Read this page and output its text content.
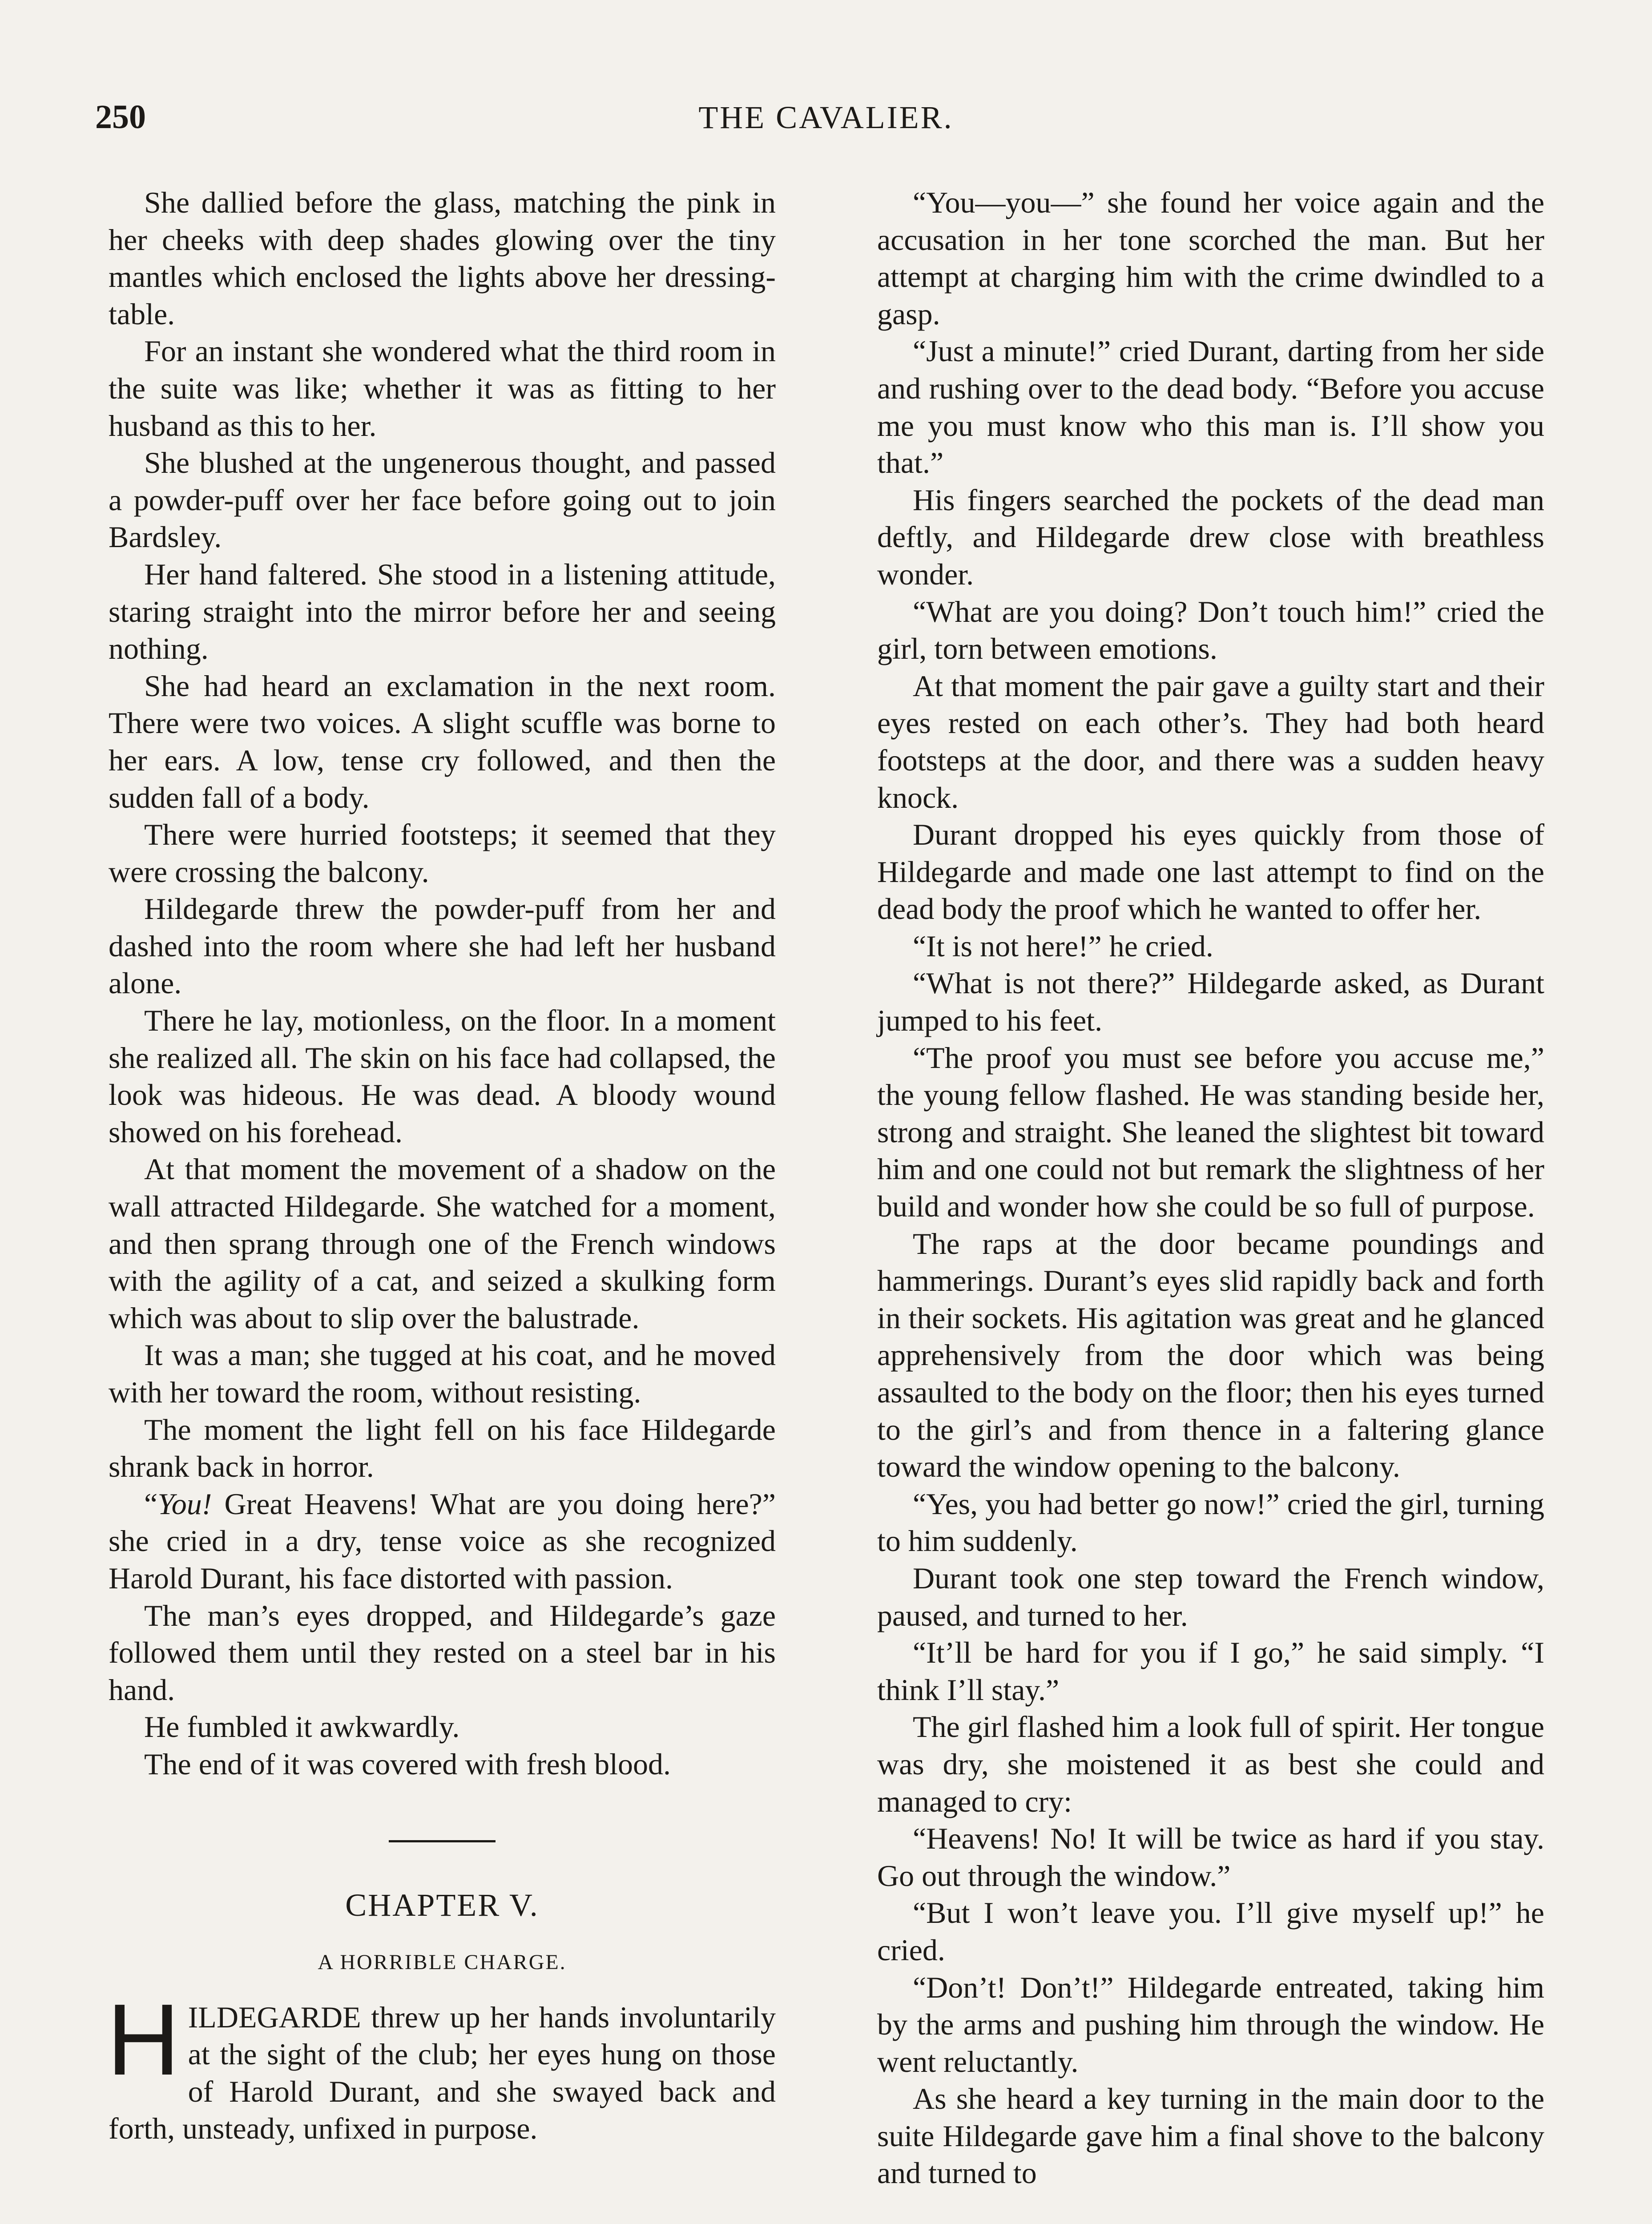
250	THE CAVALIER.

She dallied before the glass, matching the pink in her cheeks with deep shades glowing over the tiny mantles which enclosed the lights above her dressing-table.

For an instant she wondered what the third room in the suite was like; whether it was as fitting to her husband as this to her.

She blushed at the ungenerous thought, and passed a powder-puff over her face before going out to join Bardsley.

Her hand faltered. She stood in a listening attitude, staring straight into the mirror before her and seeing nothing.

She had heard an exclamation in the next room. There were two voices. A slight scuffle was borne to her ears. A low, tense cry followed, and then the sudden fall of a body.

There were hurried footsteps; it seemed that they were crossing the balcony.

Hildegarde threw the powder-puff from her and dashed into the room where she had left her husband alone.

There he lay, motionless, on the floor. In a moment she realized all. The skin on his face had collapsed, the look was hideous. He was dead. A bloody wound showed on his forehead.

At that moment the movement of a shadow on the wall attracted Hildegarde. She watched for a moment, and then sprang through one of the French windows with the agility of a cat, and seized a skulking form which was about to slip over the balustrade.

It was a man; she tugged at his coat, and he moved with her toward the room, without resisting.

The moment the light fell on his face Hildegarde shrank back in horror.

“You! Great Heavens! What are you doing here?” she cried in a dry, tense voice as she recognized Harold Durant, his face distorted with passion.

The man’s eyes dropped, and Hildegarde’s gaze followed them until they rested on a steel bar in his hand.

He fumbled it awkwardly.

The end of it was covered with fresh blood.

CHAPTER V.

A HORRIBLE CHARGE.

HILDEGARDE threw up her hands involuntarily at the sight of the club; her eyes hung on those of Harold Durant, and she swayed back and forth, unsteady, unfixed in purpose.

“You—you—” she found her voice again and the accusation in her tone scorched the man. But her attempt at charging him with the crime dwindled to a gasp.

“Just a minute!” cried Durant, darting from her side and rushing over to the dead body. “Before you accuse me you must know who this man is. I’ll show you that.”

His fingers searched the pockets of the dead man deftly, and Hildegarde drew close with breathless wonder.

“What are you doing? Don’t touch him!” cried the girl, torn between emotions.

At that moment the pair gave a guilty start and their eyes rested on each other’s. They had both heard footsteps at the door, and there was a sudden heavy knock.

Durant dropped his eyes quickly from those of Hildegarde and made one last attempt to find on the dead body the proof which he wanted to offer her.

“It is not here!” he cried.

“What is not there?” Hildegarde asked, as Durant jumped to his feet.

“The proof you must see before you accuse me,” the young fellow flashed. He was standing beside her, strong and straight. She leaned the slightest bit toward him and one could not but remark the slightness of her build and wonder how she could be so full of purpose.

The raps at the door became poundings and hammerings. Durant’s eyes slid rapidly back and forth in their sockets. His agitation was great and he glanced apprehensively from the door which was being assaulted to the body on the floor; then his eyes turned to the girl’s and from thence in a faltering glance toward the window opening to the balcony.

“Yes, you had better go now!” cried the girl, turning to him suddenly.

Durant took one step toward the French window, paused, and turned to her.

“It’ll be hard for you if I go,” he said simply. “I think I’ll stay.”

The girl flashed him a look full of spirit. Her tongue was dry, she moistened it as best she could and managed to cry:

“Heavens! No! It will be twice as hard if you stay. Go out through the window.”

“But I won’t leave you. I’ll give myself up!” he cried.

“Don’t! Don’t!” Hildegarde entreated, taking him by the arms and pushing him through the window. He went reluctantly.

As she heard a key turning in the main door to the suite Hildegarde gave him a final shove to the balcony and turned to
